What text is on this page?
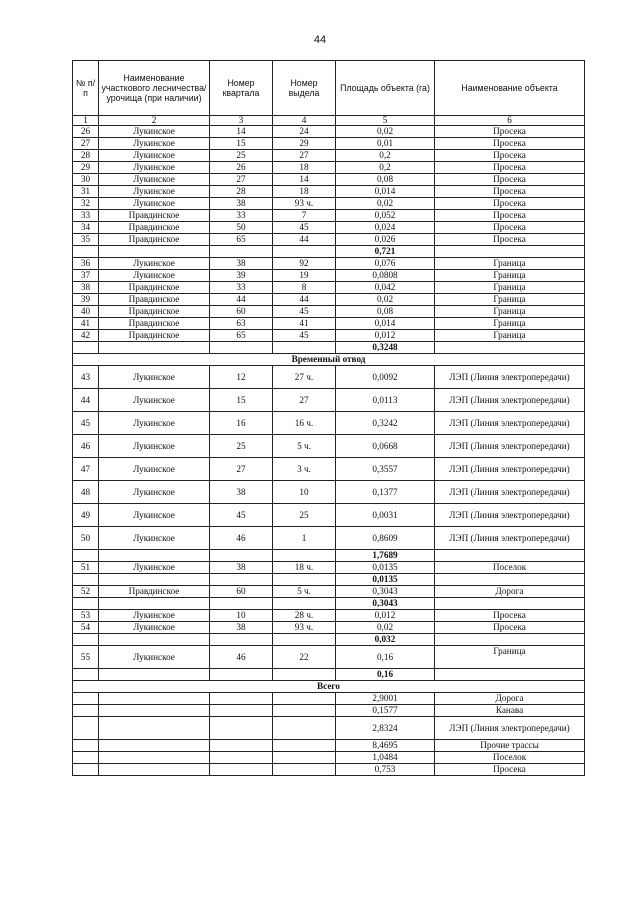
44
№ п/п	Наименование участкового лесничества/урочища (при наличии)	Номер квартала	Номер выдела	Площадь объекта (га)	Наименование объекта
1	2	3	4	5	6
26	Лукинское	14	24	0,02	Просека
27	Лукинское	15	29	0,01	Просека
28	Лукинское	25	27	0,2	Просека
29	Лукинское	26	18	0,2	Просека
30	Лукинское	27	14	0,08	Просека
31	Лукинское	28	18	0,014	Просека
32	Лукинское	38	93 ч.	0,02	Просека
33	Правдинское	33	7	0,052	Просека
34	Правдинское	50	45	0,024	Просека
35	Правдинское	65	44	0,026	Просека
				0,721	
36	Лукинское	38	92	0,076	Граница
37	Лукинское	39	19	0,0808	Граница
38	Правдинское	33	8	0,042	Граница
39	Правдинское	44	44	0,02	Граница
40	Правдинское	60	45	0,08	Граница
41	Правдинское	63	41	0,014	Граница
42	Правдинское	65	45	0,012	Граница
				0,3248	
Временный отвод					
43	Лукинское	12	27 ч.	0,0092	ЛЭП (Линия электропередачи)
44	Лукинское	15	27	0,0113	ЛЭП (Линия электропередачи)
45	Лукинское	16	16 ч.	0,3242	ЛЭП (Линия электропередачи)
46	Лукинское	25	5 ч.	0,0668	ЛЭП (Линия электропередачи)
47	Лукинское	27	3 ч.	0,3557	ЛЭП (Линия электропередачи)
48	Лукинское	38	10	0,1377	ЛЭП (Линия электропередачи)
49	Лукинское	45	25	0,0031	ЛЭП (Линия электропередачи)
50	Лукинское	46	1	0,8609	ЛЭП (Линия электропередачи)
				1,7689	
51	Лукинское	38	18 ч.	0,0135	Поселок
				0,0135	
52	Правдинское	60	5 ч.	0,3043	Дорога
				0,3043	
53	Лукинское	10	28 ч.	0,012	Просека
54	Лукинское	38	93 ч.	0,02	Просека
				0,032	
55	Лукинское	46	22	0,16	Граница
				0,16	
Всего					
				2,9001	Дорога
				0,1577	Канава
				2,8324	ЛЭП (Линия электропередачи)
				8,4695	Прочие трассы
				1,0484	Поселок
				0,753	Просека
